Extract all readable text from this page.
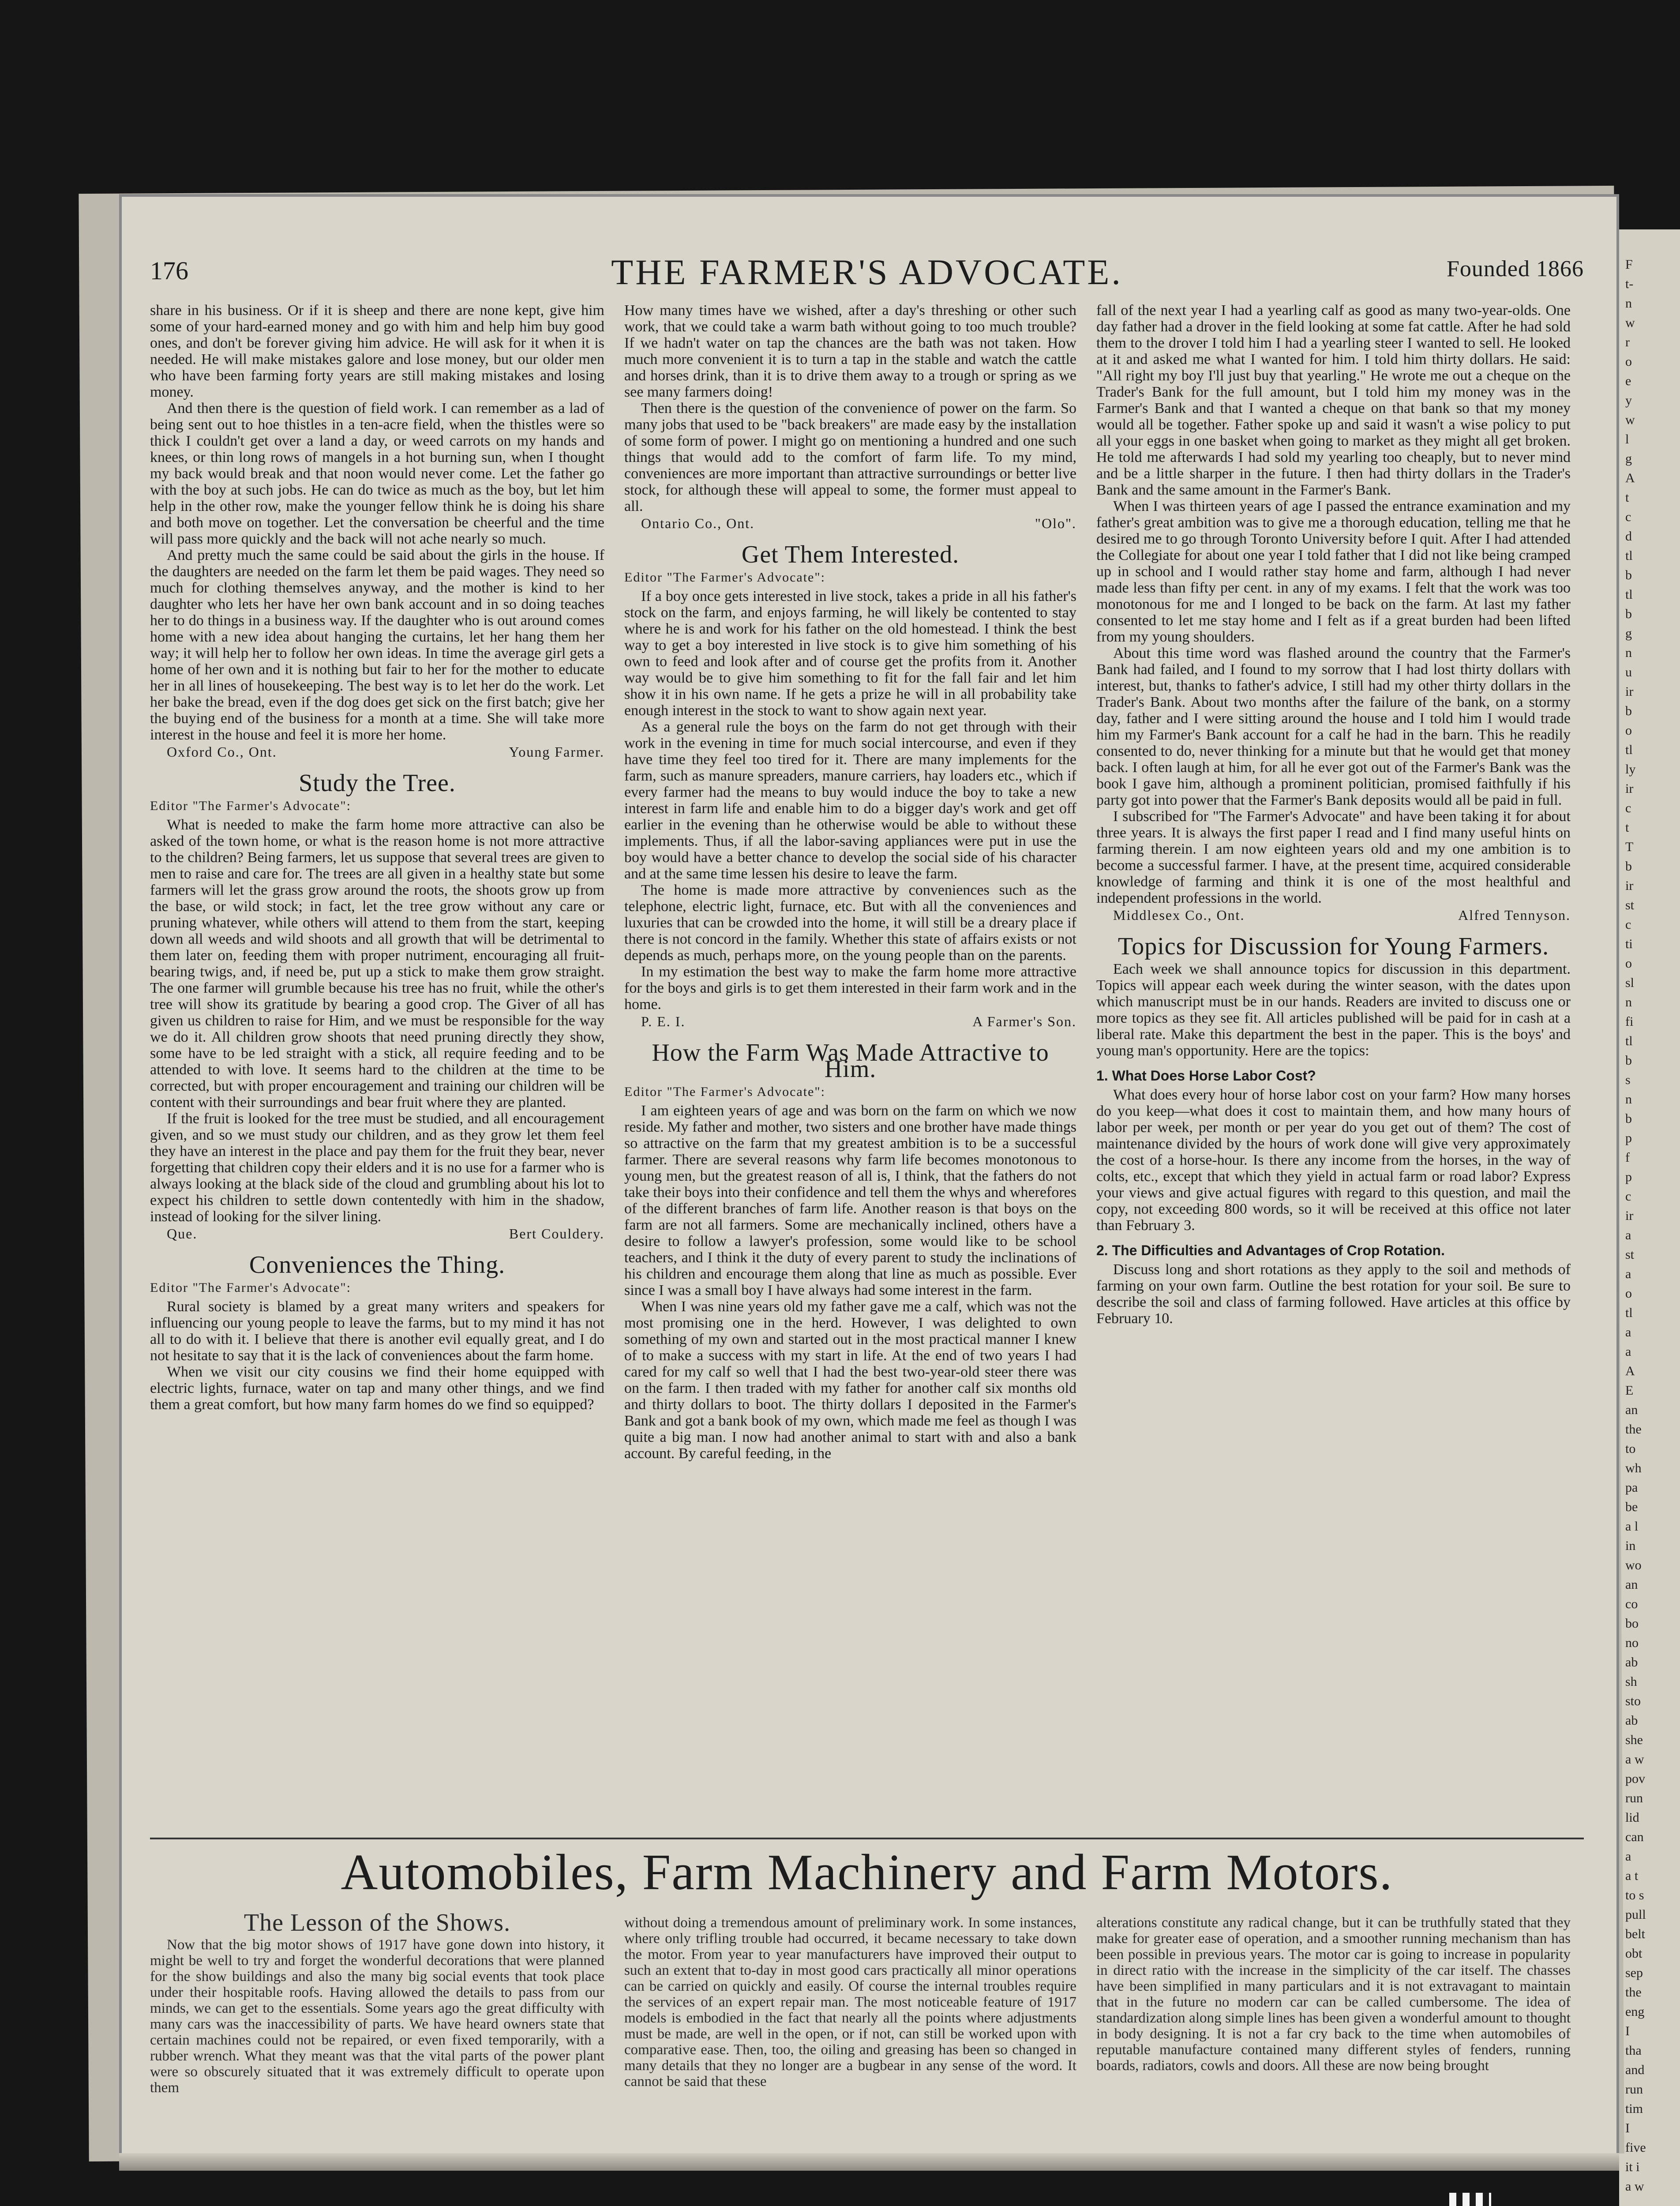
F
t-
n
w
r
o
e
y
w
l
g
A
t
c
d
tl
b
tl
b
g
n
u
ir
b
o
tl
ly
ir
c
t
T
b
ir
st
c
ti
o
sl
n
fi
tl
b
s
n
b
p
f
p
c
ir
a
st
a
o
tl
a
a
A
E
an
the
to
wh
pa
be
a l
in
wo
an
co
bo
no
ab
sh
sto
ab
she
a w
pov
run
lid
can
a
a t
to s
pull
belt
obt
sep
the
eng
I
tha
and
run
tim
I
five
it i
a w
176	THE FARMER'S ADVOCATE.	Founded 1866

share in his business. Or if it is sheep and there are none kept, give him some of your hard-earned money and go with him and help him buy good ones, and don't be forever giving him advice. He will ask for it when it is needed. He will make mistakes galore and lose money, but our older men who have been farming forty years are still making mistakes and losing money.

And then there is the question of field work. I can remember as a lad of being sent out to hoe thistles in a ten-acre field, when the thistles were so thick I couldn't get over a land a day, or weed carrots on my hands and knees, or thin long rows of mangels in a hot burning sun, when I thought my back would break and that noon would never come. Let the father go with the boy at such jobs. He can do twice as much as the boy, but let him help in the other row, make the younger fellow think he is doing his share and both move on together. Let the conversation be cheerful and the time will pass more quickly and the back will not ache nearly so much.

And pretty much the same could be said about the girls in the house. If the daughters are needed on the farm let them be paid wages. They need so much for clothing themselves anyway, and the mother is kind to her daughter who lets her have her own bank account and in so doing teaches her to do things in a business way. If the daughter who is out around comes home with a new idea about hanging the curtains, let her hang them her way; it will help her to follow her own ideas. In time the average girl gets a home of her own and it is nothing but fair to her for the mother to educate her in all lines of housekeeping. The best way is to let her do the work. Let her bake the bread, even if the dog does get sick on the first batch; give her the buying end of the business for a month at a time. She will take more interest in the house and feel it is more her home.

Oxford Co., Ont.	Young Farmer.
Study the Tree.
Editor "The Farmer's Advocate":

What is needed to make the farm home more attractive can also be asked of the town home, or what is the reason home is not more attractive to the children? Being farmers, let us suppose that several trees are given to men to raise and care for. The trees are all given in a healthy state but some farmers will let the grass grow around the roots, the shoots grow up from the base, or wild stock; in fact, let the tree grow without any care or pruning whatever, while others will attend to them from the start, keeping down all weeds and wild shoots and all growth that will be detrimental to them later on, feeding them with proper nutriment, encouraging all fruit-bearing twigs, and, if need be, put up a stick to make them grow straight. The one farmer will grumble because his tree has no fruit, while the other's tree will show its gratitude by bearing a good crop. The Giver of all has given us children to raise for Him, and we must be responsible for the way we do it. All children grow shoots that need pruning directly they show, some have to be led straight with a stick, all require feeding and to be attended to with love. It seems hard to the children at the time to be corrected, but with proper encouragement and training our children will be content with their surroundings and bear fruit where they are planted.

If the fruit is looked for the tree must be studied, and all encouragement given, and so we must study our children, and as they grow let them feel they have an interest in the place and pay them for the fruit they bear, never forgetting that children copy their elders and it is no use for a farmer who is always looking at the black side of the cloud and grumbling about his lot to expect his children to settle down contentedly with him in the shadow, instead of looking for the silver lining.

Que.	Bert Couldery.
Conveniences the Thing.
Editor "The Farmer's Advocate":

Rural society is blamed by a great many writers and speakers for influencing our young people to leave the farms, but to my mind it has not all to do with it. I believe that there is another evil equally great, and I do not hesitate to say that it is the lack of conveniences about the farm home.

When we visit our city cousins we find their home equipped with electric lights, furnace, water on tap and many other things, and we find them a great comfort, but how many farm homes do we find so equipped?

How many times have we wished, after a day's threshing or other such work, that we could take a warm bath without going to too much trouble? If we hadn't water on tap the chances are the bath was not taken. How much more convenient it is to turn a tap in the stable and watch the cattle and horses drink, than it is to drive them away to a trough or spring as we see many farmers doing!

Then there is the question of the convenience of power on the farm. So many jobs that used to be "back breakers" are made easy by the installation of some form of power. I might go on mentioning a hundred and one such things that would add to the comfort of farm life. To my mind, conveniences are more important than attractive surroundings or better live stock, for although these will appeal to some, the former must appeal to all.

Ontario Co., Ont.	"Olo".
Get Them Interested.
Editor "The Farmer's Advocate":

If a boy once gets interested in live stock, takes a pride in all his father's stock on the farm, and enjoys farming, he will likely be contented to stay where he is and work for his father on the old homestead. I think the best way to get a boy interested in live stock is to give him something of his own to feed and look after and of course get the profits from it. Another way would be to give him something to fit for the fall fair and let him show it in his own name. If he gets a prize he will in all probability take enough interest in the stock to want to show again next year.

As a general rule the boys on the farm do not get through with their work in the evening in time for much social intercourse, and even if they have time they feel too tired for it. There are many implements for the farm, such as manure spreaders, manure carriers, hay loaders etc., which if every farmer had the means to buy would induce the boy to take a new interest in farm life and enable him to do a bigger day's work and get off earlier in the evening than he otherwise would be able to without these implements. Thus, if all the labor-saving appliances were put in use the boy would have a better chance to develop the social side of his character and at the same time lessen his desire to leave the farm.

The home is made more attractive by conveniences such as the telephone, electric light, furnace, etc. But with all the conveniences and luxuries that can be crowded into the home, it will still be a dreary place if there is not concord in the family. Whether this state of affairs exists or not depends as much, perhaps more, on the young people than on the parents.

In my estimation the best way to make the farm home more attractive for the boys and girls is to get them interested in their farm work and in the home.

P. E. I.	A Farmer's Son.
How the Farm Was Made Attractive to Him.
Editor "The Farmer's Advocate":

I am eighteen years of age and was born on the farm on which we now reside. My father and mother, two sisters and one brother have made things so attractive on the farm that my greatest ambition is to be a successful farmer. There are several reasons why farm life becomes monotonous to young men, but the greatest reason of all is, I think, that the fathers do not take their boys into their confidence and tell them the whys and wherefores of the different branches of farm life. Another reason is that boys on the farm are not all farmers. Some are mechanically inclined, others have a desire to follow a lawyer's profession, some would like to be school teachers, and I think it the duty of every parent to study the inclinations of his children and encourage them along that line as much as possible. Ever since I was a small boy I have always had some interest in the farm.

When I was nine years old my father gave me a calf, which was not the most promising one in the herd. However, I was delighted to own something of my own and started out in the most practical manner I knew of to make a success with my start in life. At the end of two years I had cared for my calf so well that I had the best two-year-old steer there was on the farm. I then traded with my father for another calf six months old and thirty dollars to boot. The thirty dollars I deposited in the Farmer's Bank and got a bank book of my own, which made me feel as though I was quite a big man. I now had another animal to start with and also a bank account. By careful feeding, in the

fall of the next year I had a yearling calf as good as many two-year-olds. One day father had a drover in the field looking at some fat cattle. After he had sold them to the drover I told him I had a yearling steer I wanted to sell. He looked at it and asked me what I wanted for him. I told him thirty dollars. He said: "All right my boy I'll just buy that yearling." He wrote me out a cheque on the Trader's Bank for the full amount, but I told him my money was in the Farmer's Bank and that I wanted a cheque on that bank so that my money would all be together. Father spoke up and said it wasn't a wise policy to put all your eggs in one basket when going to market as they might all get broken. He told me afterwards I had sold my yearling too cheaply, but to never mind and be a little sharper in the future. I then had thirty dollars in the Trader's Bank and the same amount in the Farmer's Bank.

When I was thirteen years of age I passed the entrance examination and my father's great ambition was to give me a thorough education, telling me that he desired me to go through Toronto University before I quit. After I had attended the Collegiate for about one year I told father that I did not like being cramped up in school and I would rather stay home and farm, although I had never made less than fifty per cent. in any of my exams. I felt that the work was too monotonous for me and I longed to be back on the farm. At last my father consented to let me stay home and I felt as if a great burden had been lifted from my young shoulders.

About this time word was flashed around the country that the Farmer's Bank had failed, and I found to my sorrow that I had lost thirty dollars with interest, but, thanks to father's advice, I still had my other thirty dollars in the Trader's Bank. About two months after the failure of the bank, on a stormy day, father and I were sitting around the house and I told him I would trade him my Farmer's Bank account for a calf he had in the barn. This he readily consented to do, never thinking for a minute but that he would get that money back. I often laugh at him, for all he ever got out of the Farmer's Bank was the book I gave him, although a prominent politician, promised faithfully if his party got into power that the Farmer's Bank deposits would all be paid in full.

I subscribed for "The Farmer's Advocate" and have been taking it for about three years. It is always the first paper I read and I find many useful hints on farming therein. I am now eighteen years old and my one ambition is to become a successful farmer. I have, at the present time, acquired considerable knowledge of farming and think it is one of the most healthful and independent professions in the world.

Middlesex Co., Ont.	Alfred Tennyson.
Topics for Discussion for Young Farmers.

Each week we shall announce topics for discussion in this department. Topics will appear each week during the winter season, with the dates upon which manuscript must be in our hands. Readers are invited to discuss one or more topics as they see fit. All articles published will be paid for in cash at a liberal rate. Make this department the best in the paper. This is the boys' and young man's opportunity. Here are the topics:

1. What Does Horse Labor Cost?

What does every hour of horse labor cost on your farm? How many horses do you keep—what does it cost to maintain them, and how many hours of labor per week, per month or per year do you get out of them? The cost of maintenance divided by the hours of work done will give very approximately the cost of a horse-hour. Is there any income from the horses, in the way of colts, etc., except that which they yield in actual farm or road labor? Express your views and give actual figures with regard to this question, and mail the copy, not exceeding 800 words, so it will be received at this office not later than February 3.

2. The Difficulties and Advantages of Crop Rotation.

Discuss long and short rotations as they apply to the soil and methods of farming on your own farm. Outline the best rotation for your soil. Be sure to describe the soil and class of farming followed. Have articles at this office by February 10.

Automobiles, Farm Machinery and Farm Motors.
The Lesson of the Shows.

Now that the big motor shows of 1917 have gone down into history, it might be well to try and forget the wonderful decorations that were planned for the show buildings and also the many big social events that took place under their hospitable roofs. Having allowed the details to pass from our minds, we can get to the essentials. Some years ago the great difficulty with many cars was the inaccessibility of parts. We have heard owners state that certain machines could not be repaired, or even fixed temporarily, with a rubber wrench. What they meant was that the vital parts of the power plant were so obscurely situated that it was extremely difficult to operate upon them

without doing a tremendous amount of preliminary work. In some instances, where only trifling trouble had occurred, it became necessary to take down the motor. From year to year manufacturers have improved their output to such an extent that to-day in most good cars practically all minor operations can be carried on quickly and easily. Of course the internal troubles require the services of an expert repair man. The most noticeable feature of 1917 models is embodied in the fact that nearly all the points where adjustments must be made, are well in the open, or if not, can still be worked upon with comparative ease. Then, too, the oiling and greasing has been so changed in many details that they no longer are a bugbear in any sense of the word. It cannot be said that these

alterations constitute any radical change, but it can be truthfully stated that they make for greater ease of operation, and a smoother running mechanism than has been possible in previous years. The motor car is going to increase in popularity in direct ratio with the increase in the simplicity of the car itself. The chasses have been simplified in many particulars and it is not extravagant to maintain that in the future no modern car can be called cumbersome. The idea of standardization along simple lines has been given a wonderful amount to thought in body designing. It is not a far cry back to the time when automobiles of reputable manufacture contained many different styles of fenders, running boards, radiators, cowls and doors. All these are now being brought
